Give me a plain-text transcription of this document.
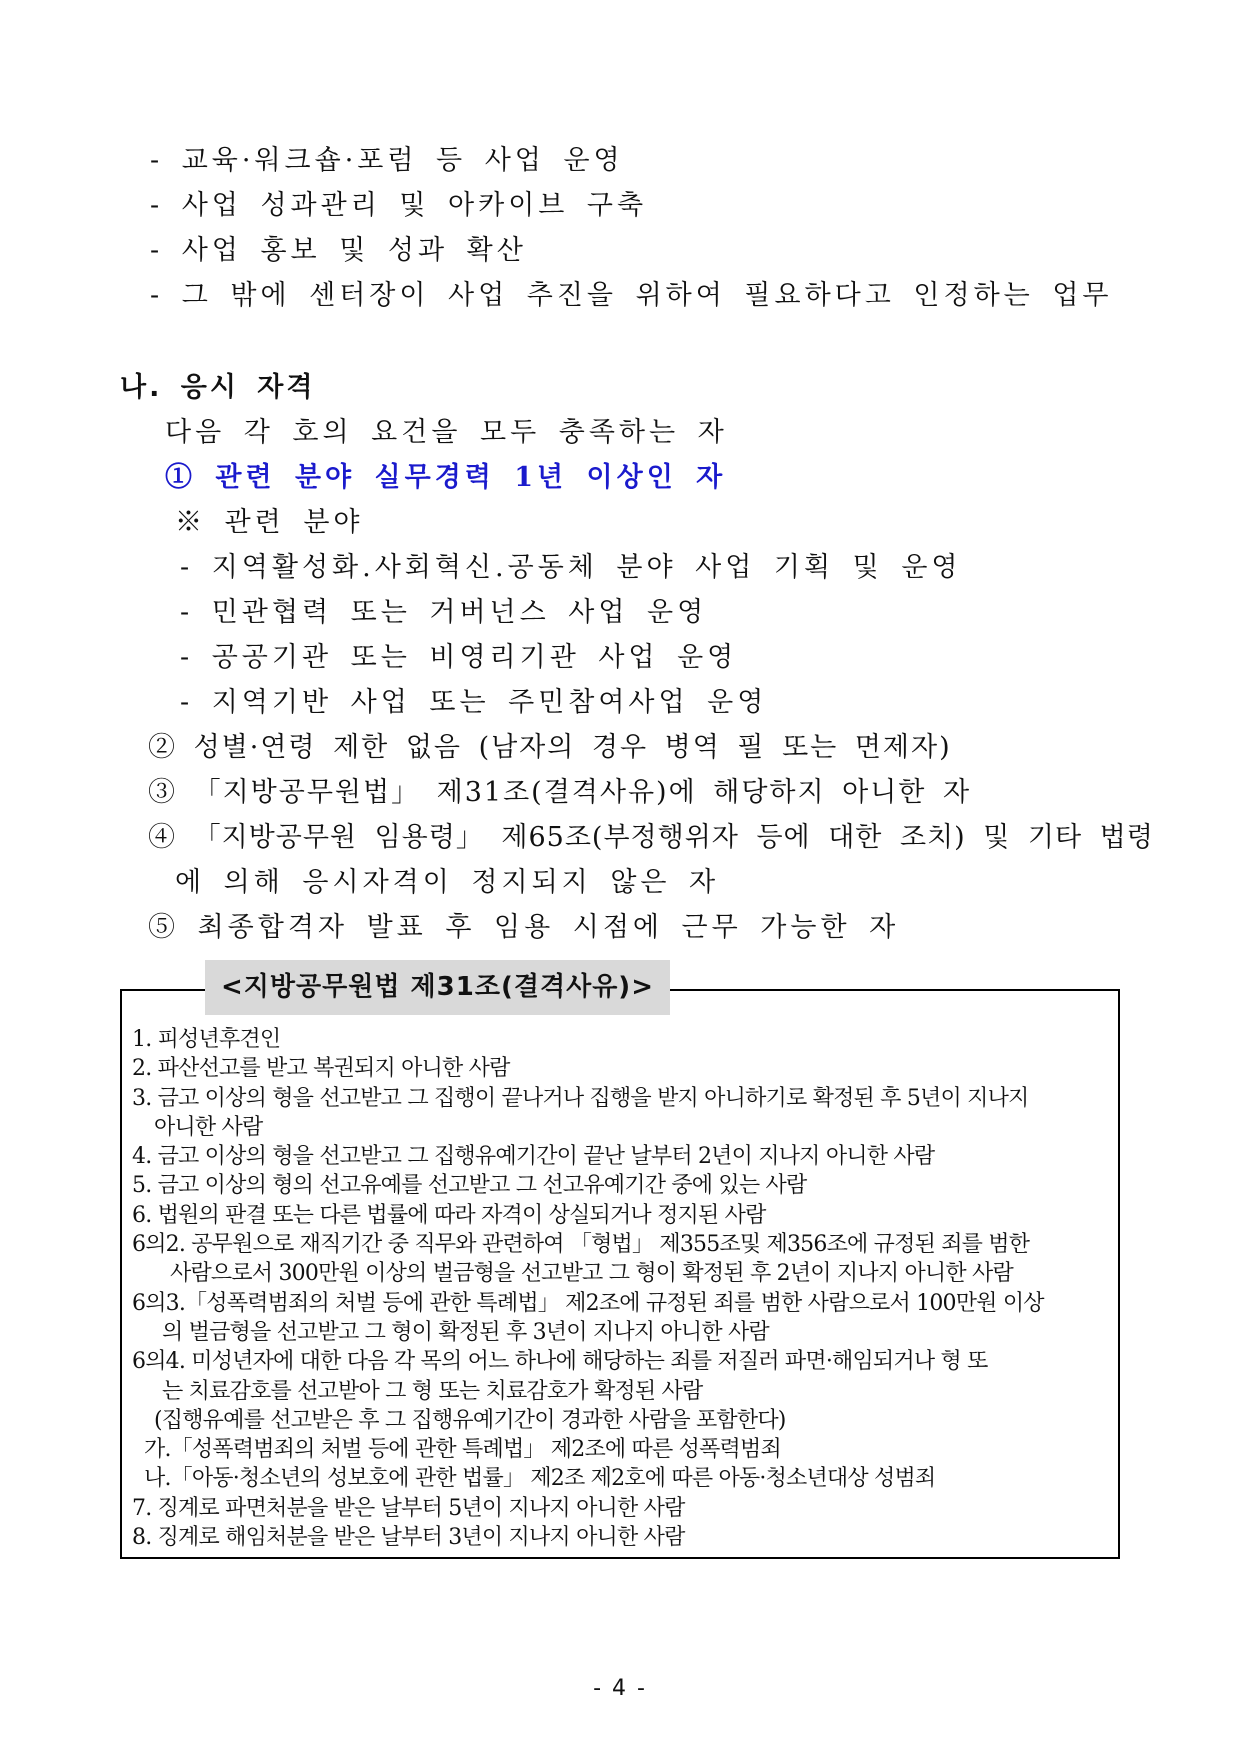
- 교육·워크숍·포럼 등 사업 운영
- 사업 성과관리 및 아카이브 구축
- 사업 홍보 및 성과 확산
- 그 밖에 센터장이 사업 추진을 위하여 필요하다고 인정하는 업무
나. 응시 자격
다음 각 호의 요건을 모두 충족하는 자
① 관련 분야 실무경력 1년 이상인 자
※ 관련 분야
- 지역활성화.사회혁신.공동체 분야 사업 기획 및 운영
- 민관협력 또는 거버넌스 사업 운영
- 공공기관 또는 비영리기관 사업 운영
- 지역기반 사업 또는 주민참여사업 운영
② 성별·연령 제한 없음 (남자의 경우 병역 필 또는 면제자)
③ 「지방공무원법」 제31조(결격사유)에 해당하지 아니한 자
④ 「지방공무원 임용령」 제65조(부정행위자 등에 대한 조치) 및 기타 법령
에 의해 응시자격이 정지되지 않은 자
⑤ 최종합격자 발표 후 임용 시점에 근무 가능한 자
<지방공무원법 제31조(결격사유)>
1. 피성년후견인
2. 파산선고를 받고 복권되지 아니한 사람
3. 금고 이상의 형을 선고받고 그 집행이 끝나거나 집행을 받지 아니하기로 확정된 후 5년이 지나지
아니한 사람
4. 금고 이상의 형을 선고받고 그 집행유예기간이 끝난 날부터 2년이 지나지 아니한 사람
5. 금고 이상의 형의 선고유예를 선고받고 그 선고유예기간 중에 있는 사람
6. 법원의 판결 또는 다른 법률에 따라 자격이 상실되거나 정지된 사람
6의2. 공무원으로 재직기간 중 직무와 관련하여 「형법」 제355조및 제356조에 규정된 죄를 범한
사람으로서 300만원 이상의 벌금형을 선고받고 그 형이 확정된 후 2년이 지나지 아니한 사람
6의3.「성폭력범죄의 처벌 등에 관한 특례법」 제2조에 규정된 죄를 범한 사람으로서 100만원 이상
의 벌금형을 선고받고 그 형이 확정된 후 3년이 지나지 아니한 사람
6의4. 미성년자에 대한 다음 각 목의 어느 하나에 해당하는 죄를 저질러 파면·해임되거나 형 또
는 치료감호를 선고받아 그 형 또는 치료감호가 확정된 사람
(집행유예를 선고받은 후 그 집행유예기간이 경과한 사람을 포함한다)
가.「성폭력범죄의 처벌 등에 관한 특례법」 제2조에 따른 성폭력범죄
나.「아동·청소년의 성보호에 관한 법률」 제2조 제2호에 따른 아동·청소년대상 성범죄
7. 징계로 파면처분을 받은 날부터 5년이 지나지 아니한 사람
8. 징계로 해임처분을 받은 날부터 3년이 지나지 아니한 사람
- 4 -
